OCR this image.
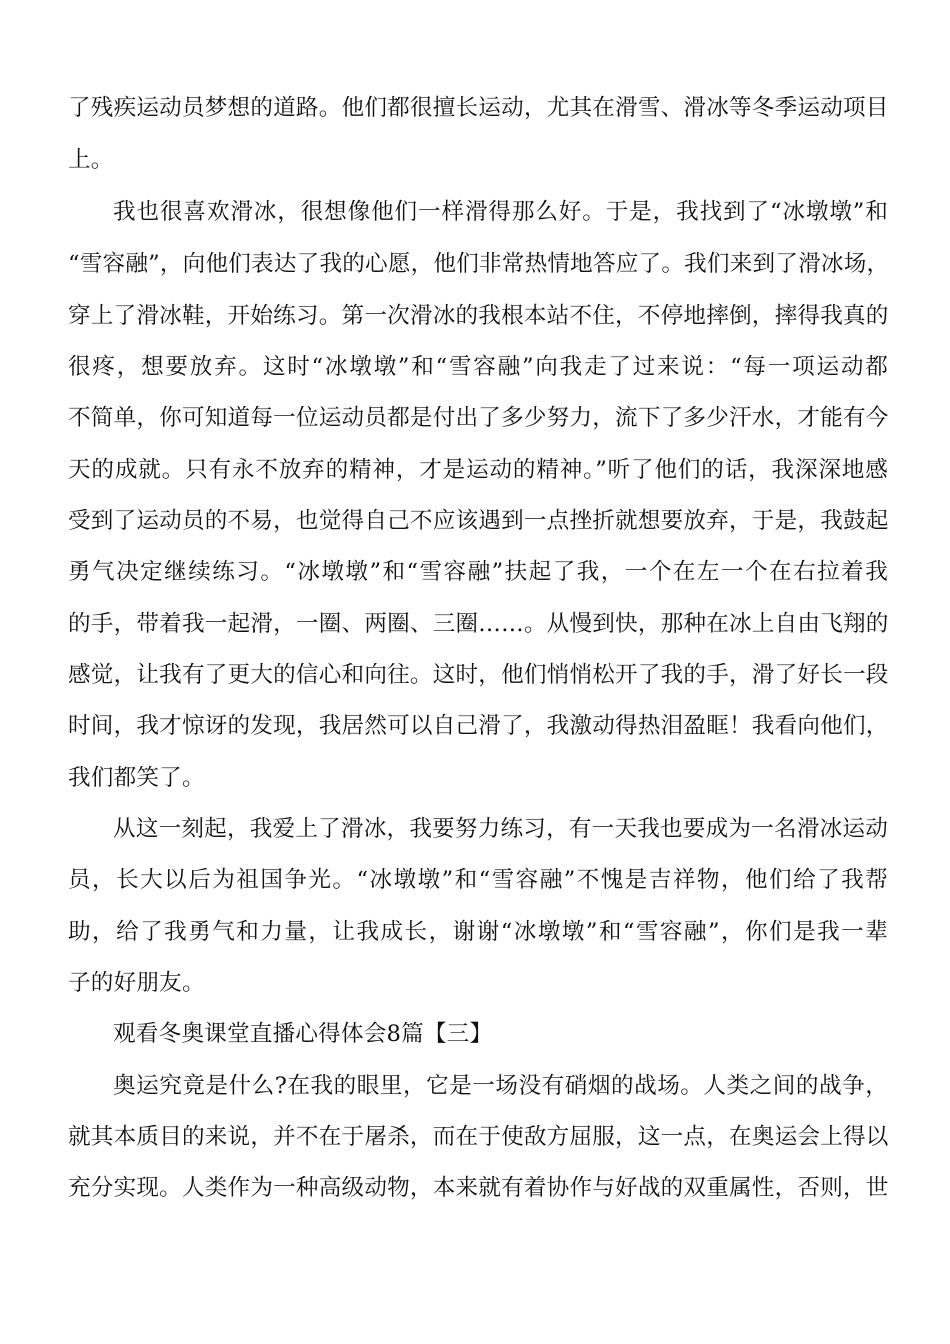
了残疾运动员梦想的道路。他们都很擅长运动，尤其在滑雪、滑冰等冬季运动项目
上。
我也很喜欢滑冰，很想像他们一样滑得那么好。于是，我找到了“冰墩墩”和
“雪容融”，向他们表达了我的心愿，他们非常热情地答应了。我们来到了滑冰场，
穿上了滑冰鞋，开始练习。第一次滑冰的我根本站不住，不停地摔倒，摔得我真的
很疼，想要放弃。这时“冰墩墩”和“雪容融”向我走了过来说：“每一项运动都
不简单，你可知道每一位运动员都是付出了多少努力，流下了多少汗水，才能有今
天的成就。只有永不放弃的精神，才是运动的精神。”听了他们的话，我深深地感
受到了运动员的不易，也觉得自己不应该遇到一点挫折就想要放弃，于是，我鼓起
勇气决定继续练习。“冰墩墩”和“雪容融”扶起了我，一个在左一个在右拉着我
的手，带着我一起滑，一圈、两圈、三圈……。从慢到快，那种在冰上自由飞翔的
感觉，让我有了更大的信心和向往。这时，他们悄悄松开了我的手，滑了好长一段
时间，我才惊讶的发现，我居然可以自己滑了，我激动得热泪盈眶！我看向他们，
我们都笑了。
从这一刻起，我爱上了滑冰，我要努力练习，有一天我也要成为一名滑冰运动
员，长大以后为祖国争光。“冰墩墩”和“雪容融”不愧是吉祥物，他们给了我帮
助，给了我勇气和力量，让我成长，谢谢“冰墩墩”和“雪容融”，你们是我一辈
子的好朋友。
观看冬奥课堂直播心得体会8篇【三】
奥运究竟是什么?在我的眼里，它是一场没有硝烟的战场。人类之间的战争，
就其本质目的来说，并不在于屠杀，而在于使敌方屈服，这一点，在奥运会上得以
充分实现。人类作为一种高级动物，本来就有着协作与好战的双重属性，否则，世
